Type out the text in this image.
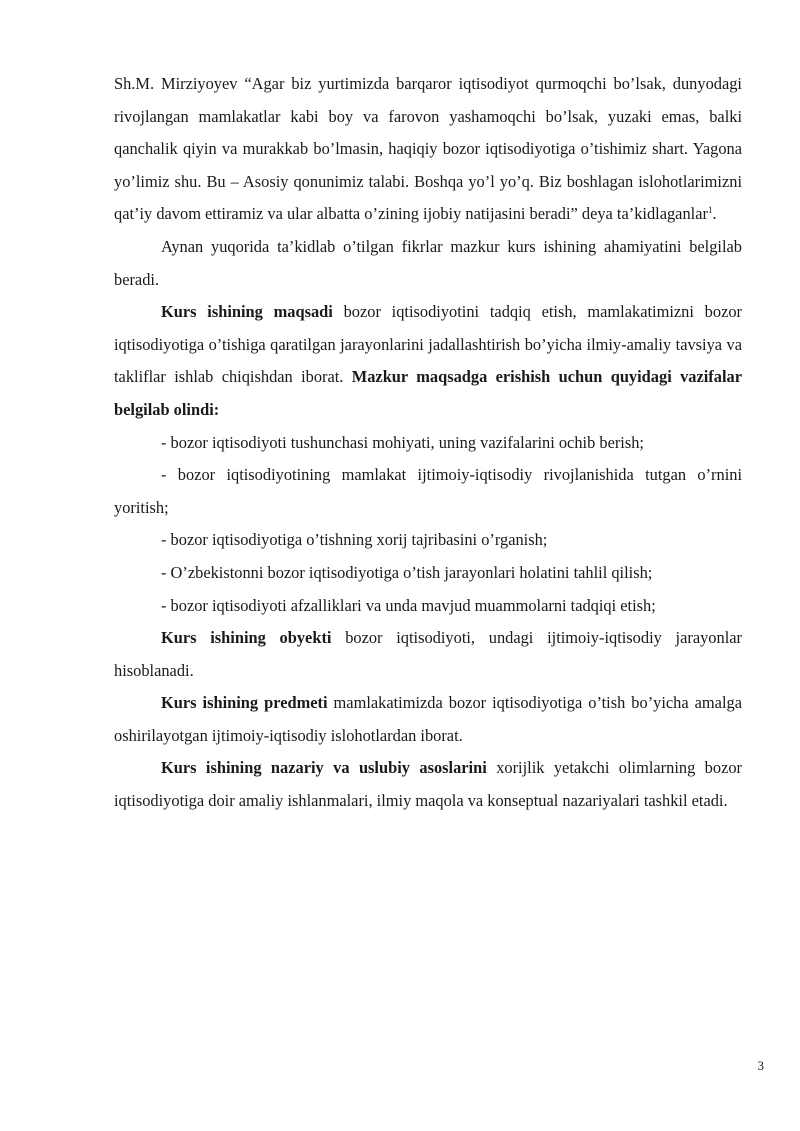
Sh.M. Mirziyoyev “Agar biz yurtimizda barqaror iqtisodiyot qurmoqchi bo’lsak, dunyodagi rivojlangan mamlakatlar kabi boy va farovon yashamoqchi bo’lsak, yuzaki emas, balki qanchalik qiyin va murakkab bo’lmasin, haqiqiy bozor iqtisodiyotiga o’tishimiz shart. Yagona yo’limiz shu. Bu – Asosiy qonunimiz talabi. Boshqa yo’l yo’q. Biz boshlagan islohotlarimizni qat’iy davom ettiramiz va ular albatta o’zining ijobiy natijasini beradi” deya ta’kidlaganlar$^1$.

Aynan yuqorida ta’kidlab o’tilgan fikrlar mazkur kurs ishining ahamiyatini belgilab beradi.

Kurs ishining maqsadi bozor iqtisodiyotini tadqiq etish, mamlakatimizni bozor iqtisodiyotiga o’tishiga qaratilgan jarayonlarini jadallashtirish bo’yicha ilmiy-amaliy tavsiya va takliflar ishlab chiqishdan iborat. Mazkur maqsadga erishish uchun quyidagi vazifalar belgilab olindi:

- bozor iqtisodiyoti tushunchasi mohiyati, uning vazifalarini ochib berish;

- bozor iqtisodiyotining mamlakat ijtimoiy-iqtisodiy rivojlanishida tutgan o’rnini yoritish;

- bozor iqtisodiyotiga o’tishning xorij tajribasini o’rganish;

- O’zbekistonni bozor iqtisodiyotiga o’tish jarayonlari holatini tahlil qilish;

- bozor iqtisodiyoti afzalliklari va unda mavjud muammolarni tadqiqi etish;

Kurs ishining obyekti bozor iqtisodiyoti, undagi ijtimoiy-iqtisodiy jarayonlar hisoblanadi.

Kurs ishining predmeti mamlakatimizda bozor iqtisodiyotiga o’tish bo’yicha amalga oshirilayotgan ijtimoiy-iqtisodiy islohotlardan iborat.

Kurs ishining nazariy va uslubiy asoslarini xorijlik yetakchi olimlarning bozor iqtisodiyotiga doir amaliy ishlanmalari, ilmiy maqola va konseptual nazariyalari tashkil etadi.

3
